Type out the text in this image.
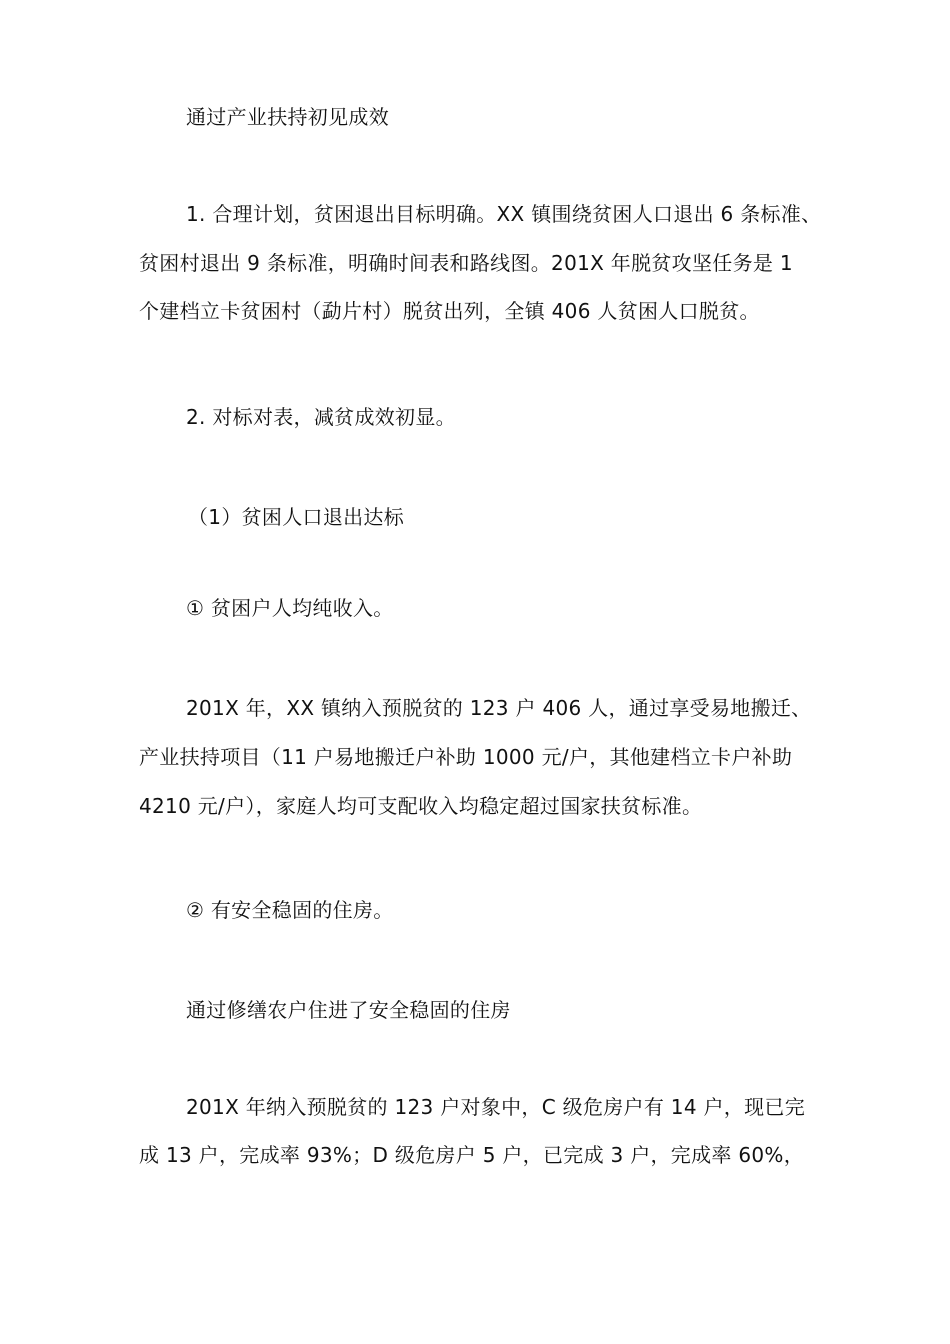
通过产业扶持初见成效
1. 合理计划，贫困退出目标明确。XX 镇围绕贫困人口退出 6 条标准、
贫困村退出 9 条标准，明确时间表和路线图。201X 年脱贫攻坚任务是 1
个建档立卡贫困村（勐片村）脱贫出列，全镇 406 人贫困人口脱贫。
2. 对标对表，减贫成效初显。
（1）贫困人口退出达标
① 贫困户人均纯收入。
201X 年，XX 镇纳入预脱贫的 123 户 406 人，通过享受易地搬迁、
产业扶持项目（11 户易地搬迁户补助 1000 元/户，其他建档立卡户补助
4210 元/户），家庭人均可支配收入均稳定超过国家扶贫标准。
② 有安全稳固的住房。
通过修缮农户住进了安全稳固的住房
201X 年纳入预脱贫的 123 户对象中，C 级危房户有 14 户，现已完
成 13 户，完成率 93%；D 级危房户 5 户，已完成 3 户，完成率 60%，
